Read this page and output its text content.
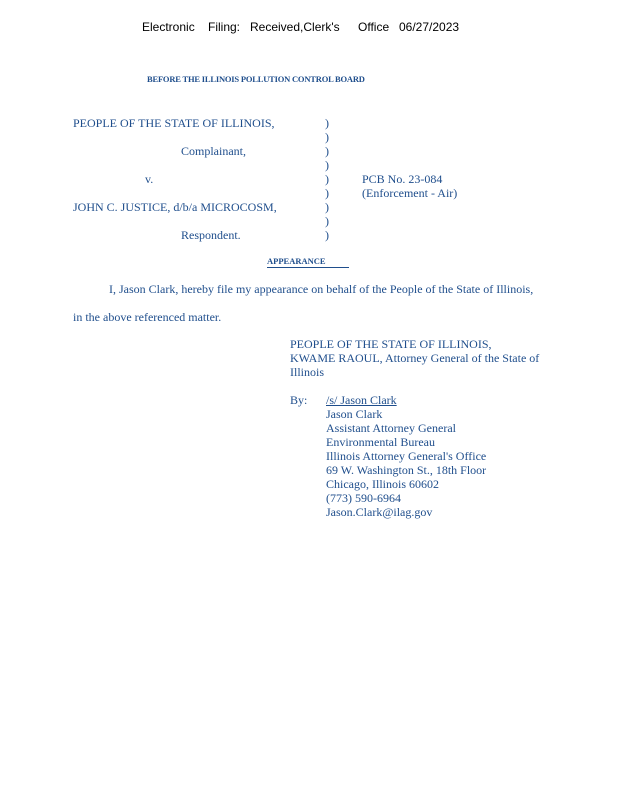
Electronic Filing: Received,Clerk's Office 06/27/2023
BEFORE THE ILLINOIS POLLUTION CONTROL BOARD
PEOPLE OF THE STATE OF ILLINOIS,
Complainant,
v.
JOHN C. JUSTICE, d/b/a MICROCOSM,
Respondent.
)
)
)
)
)
)
)
)
)
PCB No. 23-084
(Enforcement - Air)
APPEARANCE
I, Jason Clark, hereby file my appearance on behalf of the People of the State of Illinois,
in the above referenced matter.
PEOPLE OF THE STATE OF ILLINOIS,
KWAME RAOUL, Attorney General of the State of
Illinois
By: /s/ Jason Clark
Jason Clark
Assistant Attorney General
Environmental Bureau
Illinois Attorney General's Office
69 W. Washington St., 18th Floor
Chicago, Illinois 60602
(773) 590-6964
Jason.Clark@ilag.gov
